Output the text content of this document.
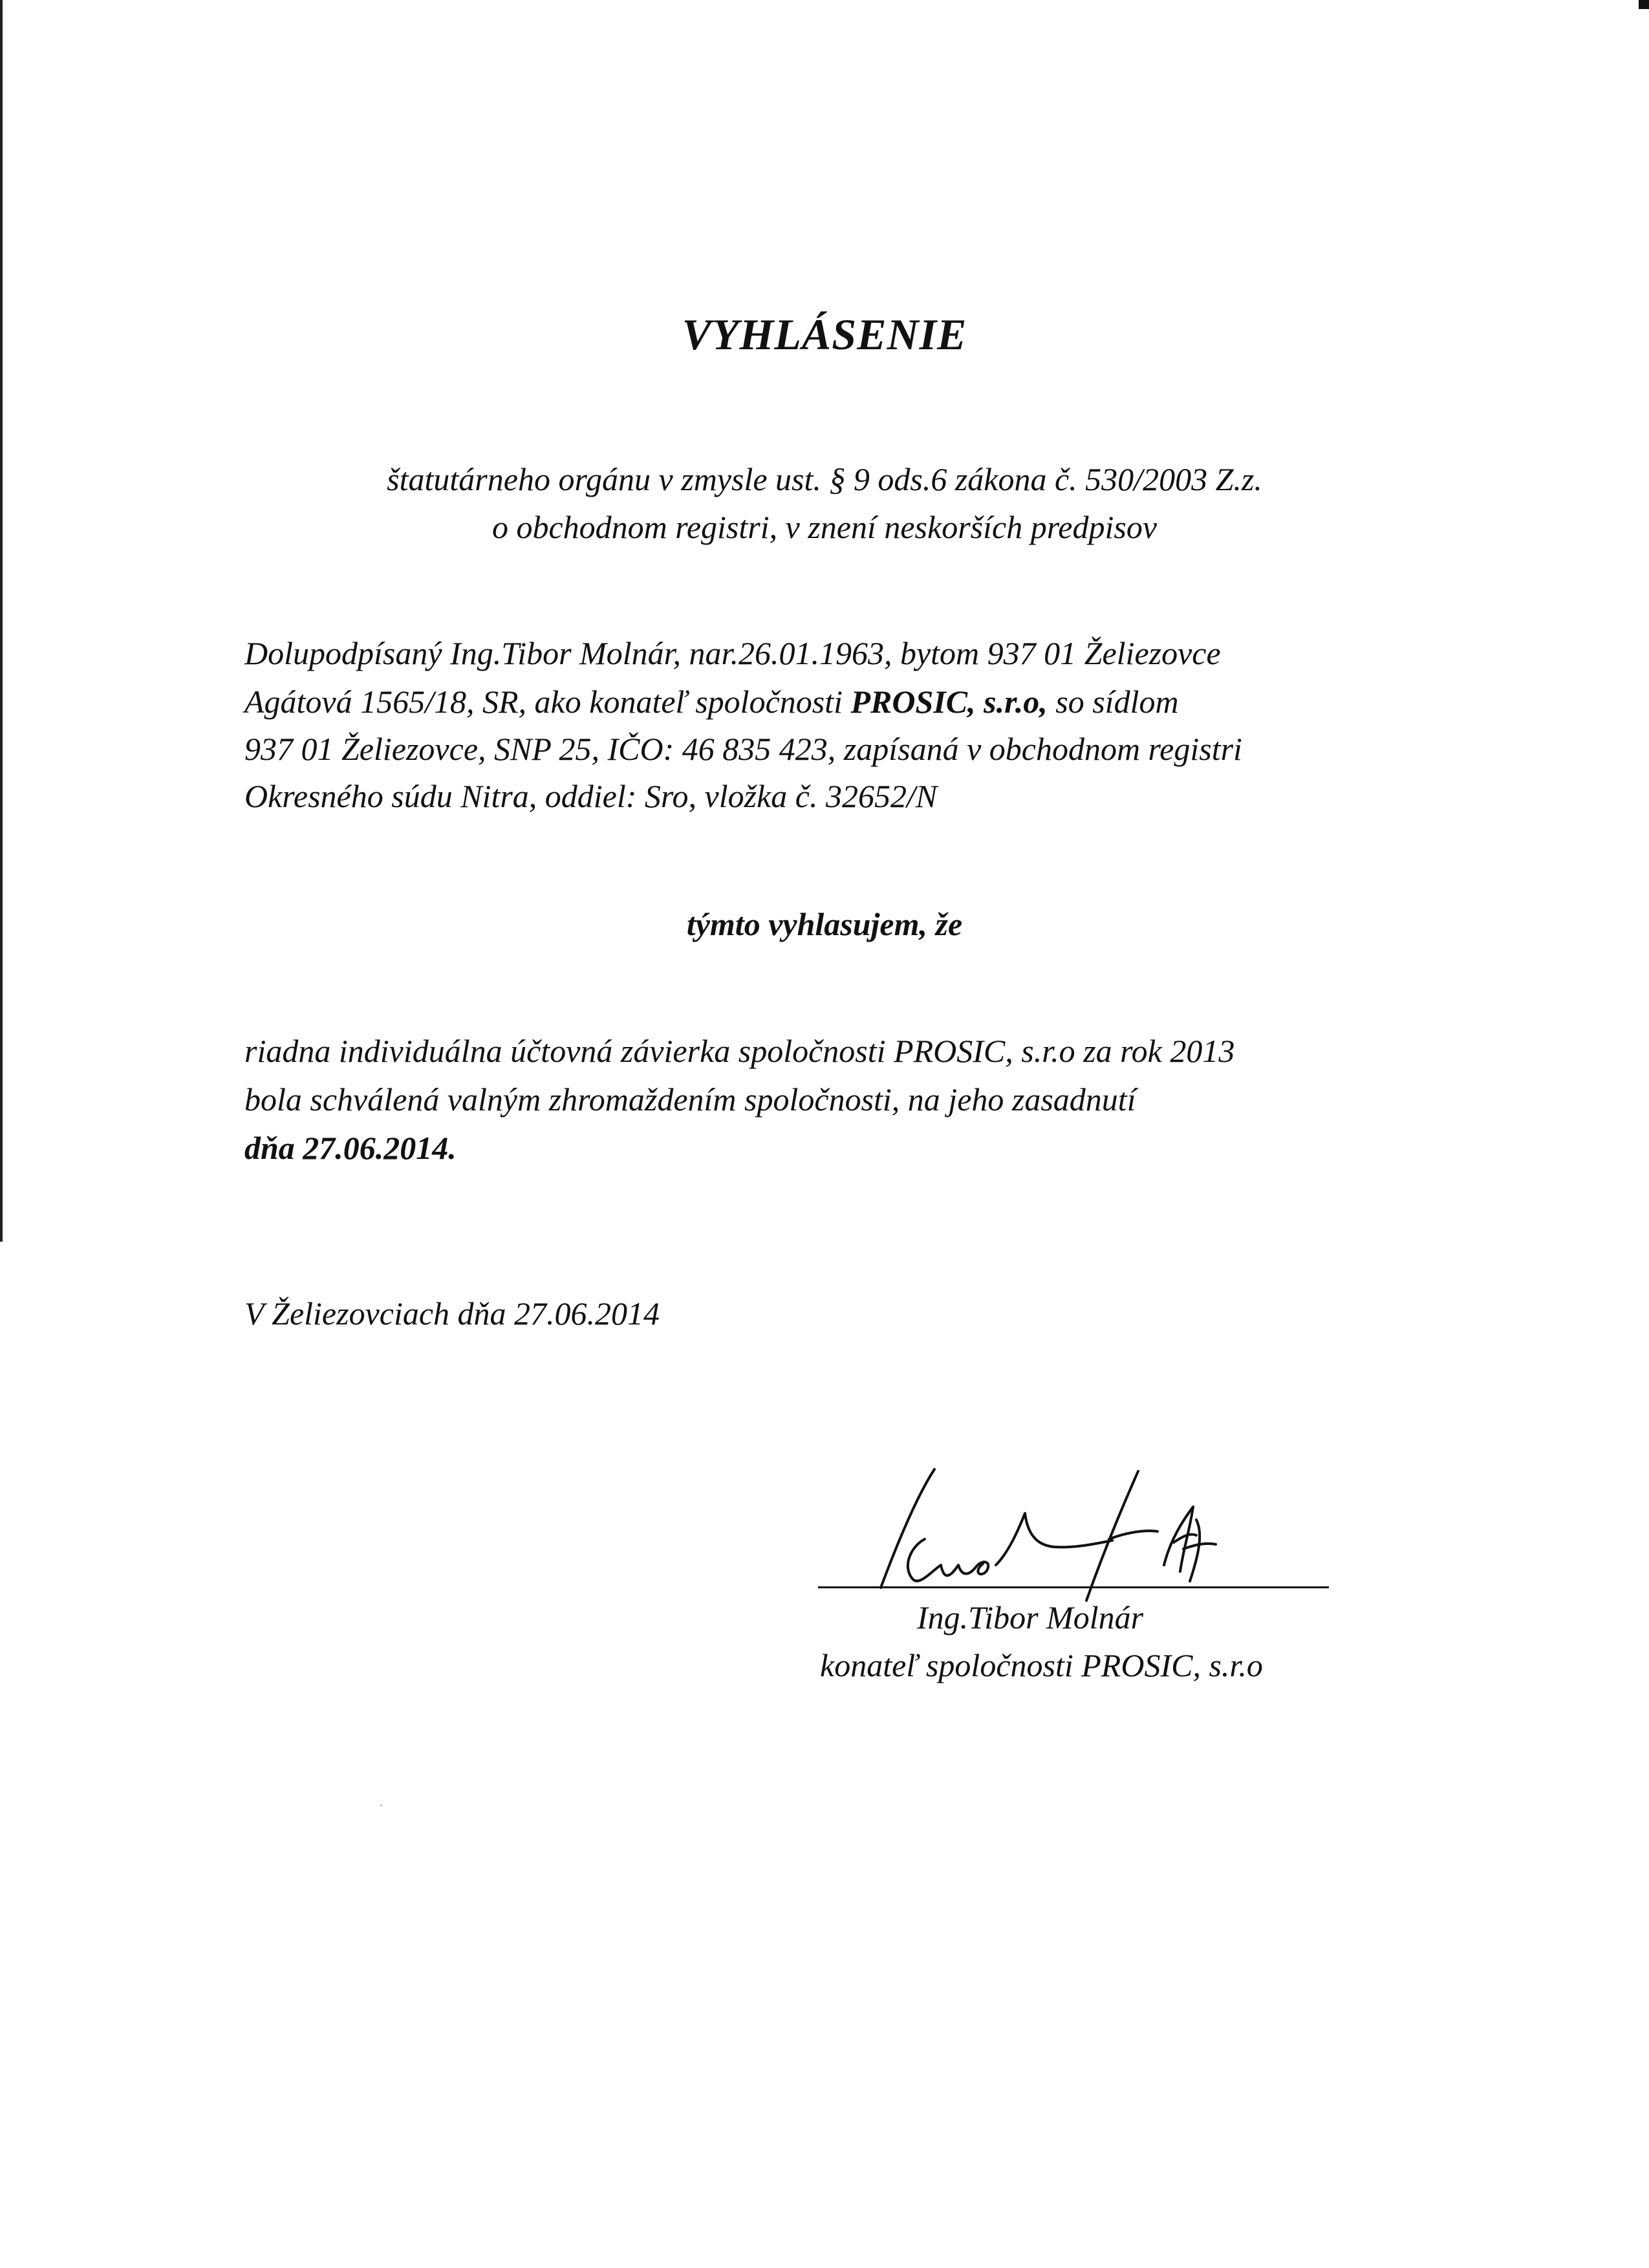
VYHLÁSENIE
štatutárneho orgánu v zmysle ust. § 9 ods.6 zákona č. 530/2003 Z.z.
o obchodnom registri, v znení neskorších predpisov
Dolupodpísaný Ing.Tibor Molnár, nar.26.01.1963, bytom 937 01 Želiezovce
Agátová 1565/18, SR, ako konateľ spoločnosti PROSIC, s.r.o, so sídlom
937 01 Želiezovce, SNP 25, IČO: 46 835 423, zapísaná v obchodnom registri
Okresného súdu Nitra, oddiel: Sro, vložka č. 32652/N
týmto vyhlasujem, že
riadna individuálna účtovná závierka spoločnosti PROSIC, s.r.o za rok 2013
bola schválená valným zhromaždením spoločnosti, na jeho zasadnutí
dňa 27.06.2014.
V Želiezovciach dňa 27.06.2014
Ing.Tibor Molnár
konateľ spoločnosti PROSIC, s.r.o
